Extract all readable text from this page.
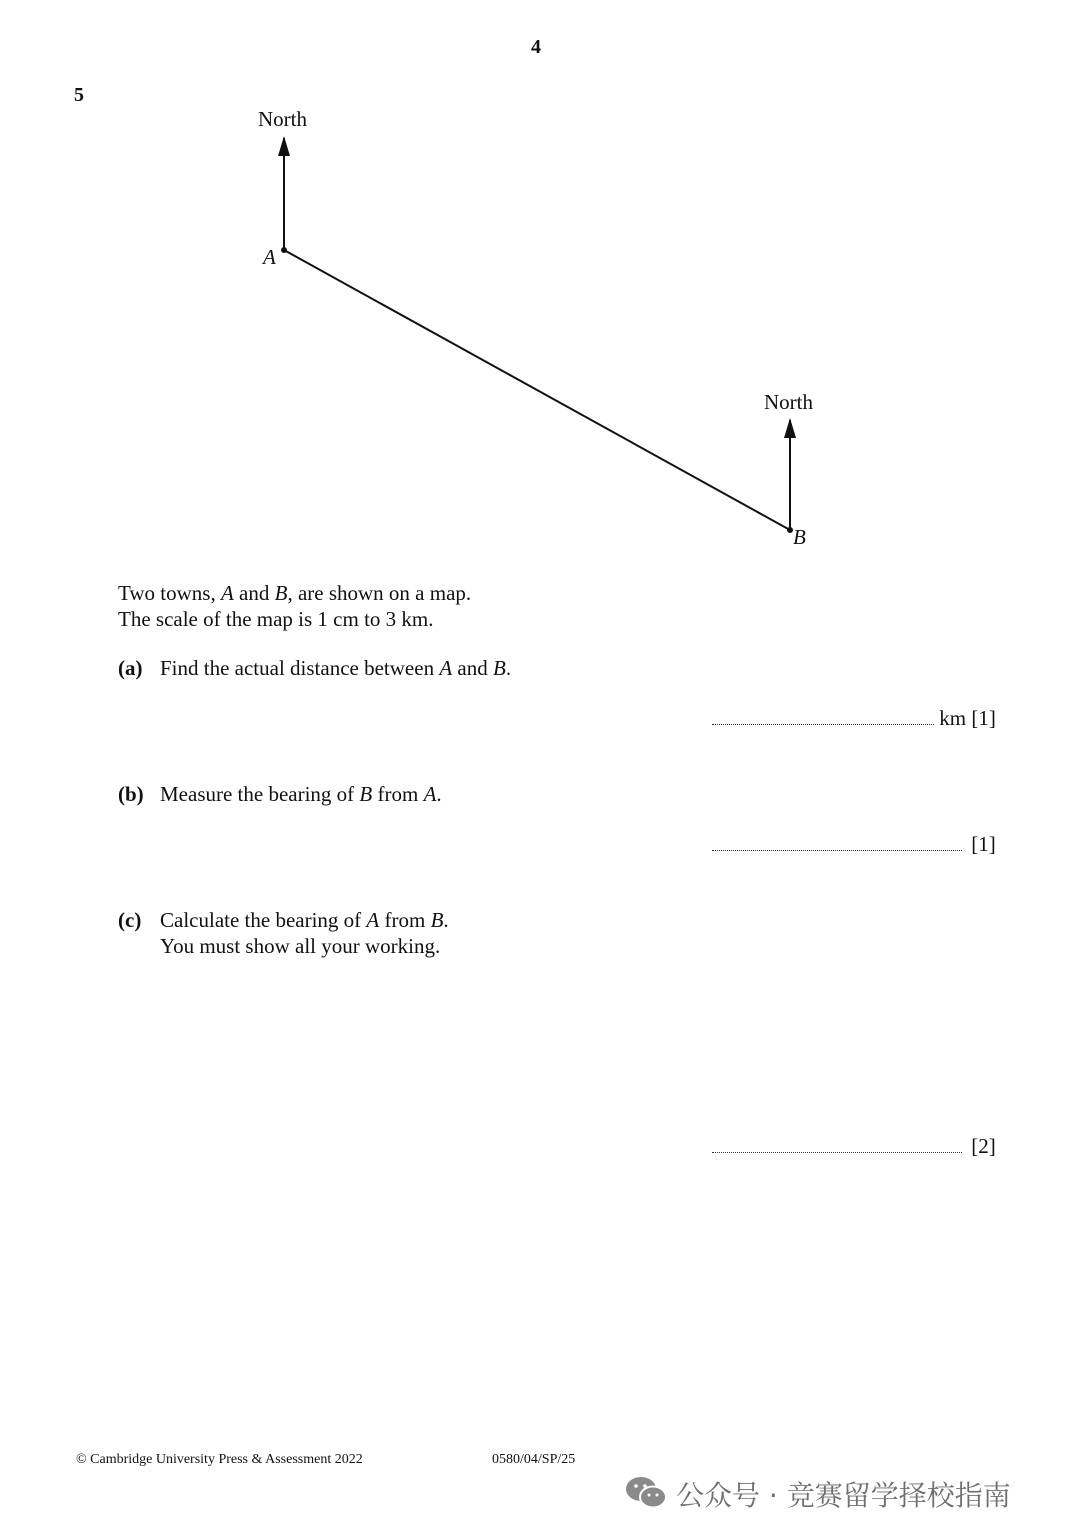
4
5
North
A
North
B
Two towns, A and B, are shown on a map.
The scale of the map is 1 cm to 3 km.
(a) Find the actual distance between A and B.
km [1]
(b) Measure the bearing of B from A.
[1]
(c) Calculate the bearing of A from B.
You must show all your working.
[2]
© Cambridge University Press & Assessment 2022	0580/04/SP/25
公众号 · 竞赛留学择校指南
